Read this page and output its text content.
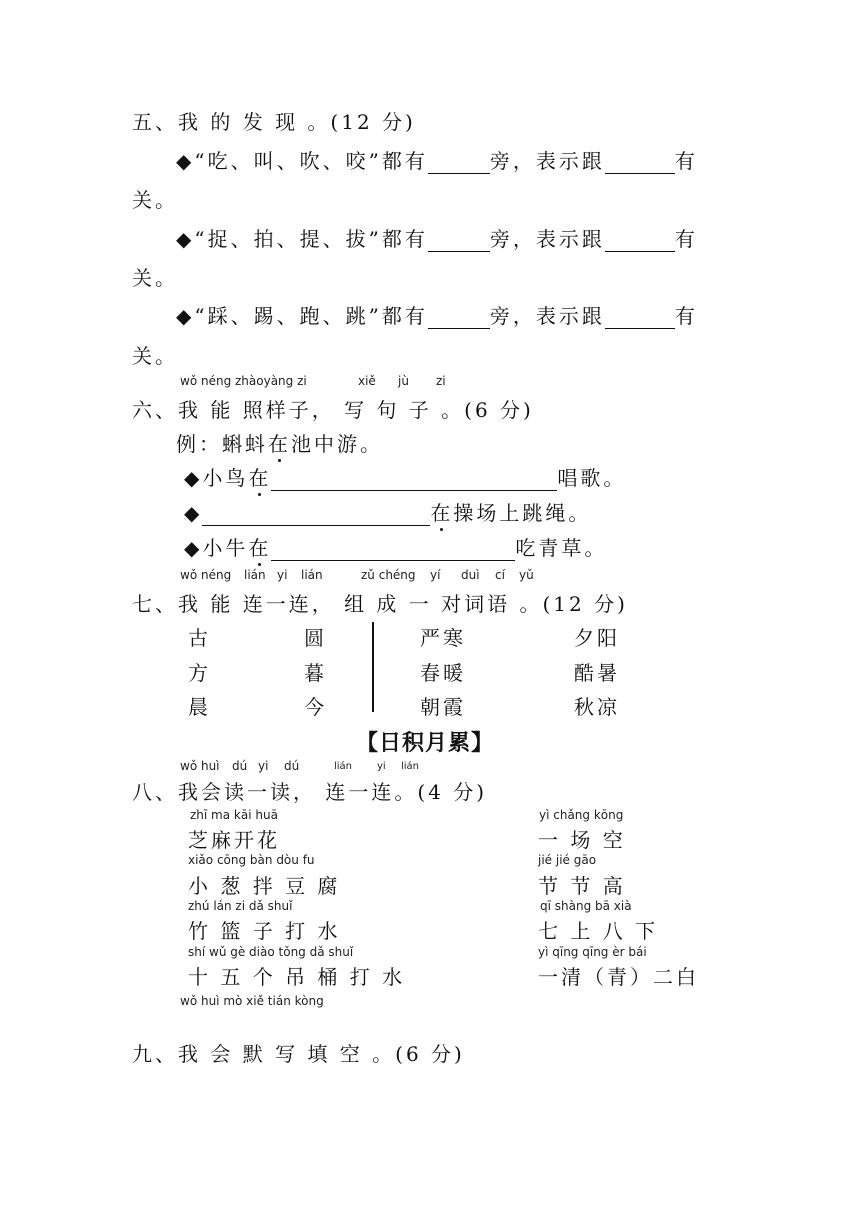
五、我 的 发 现 。(12 分)
◆“吃、叫、吹、咬”都有	旁，表示跟	有
关。
◆“捉、拍、提、拔”都有	旁，表示跟	有
关。
◆“踩、踢、跑、跳”都有	旁，表示跟	有
关。
wǒ néng zhàoyàng zi	xiě jù zi
六、我 能 照样子， 写 句 子 。(6 分)
例：蝌蚪在池中游。
◆小鸟在	唱歌。
◆	在操场上跳绳。
◆小牛在	吃青草。
wǒ néng lián yi lián	zǔ chéng yí duì cí yǔ
七、我 能 连一连， 组 成 一 对词语 。(12 分)
古	圆
方	暮
晨	今
严寒	夕阳
春暖	酷暑
朝霞	秋凉
【日积月累】
wǒ huì dú yi dú	lián yi lián
八、我会读一读， 连一连。(4 分)
zhī ma kāi huā
芝麻开花
xiǎo cōng bàn dòu fu
小 葱 拌 豆 腐
zhú lán zi dǎ shuǐ
竹 篮 子 打 水
shí wǔ gè diào tǒng dǎ shuǐ
十 五 个 吊 桶 打 水
yì chǎng kōng
一 场 空
jié jié gāo
节 节 高
qī shàng bā xià
七 上 八 下
yì qīng qīng èr bái
一清（青）二白
wǒ huì mò xiě tián kòng
九、我 会 默 写 填 空 。(6 分)
